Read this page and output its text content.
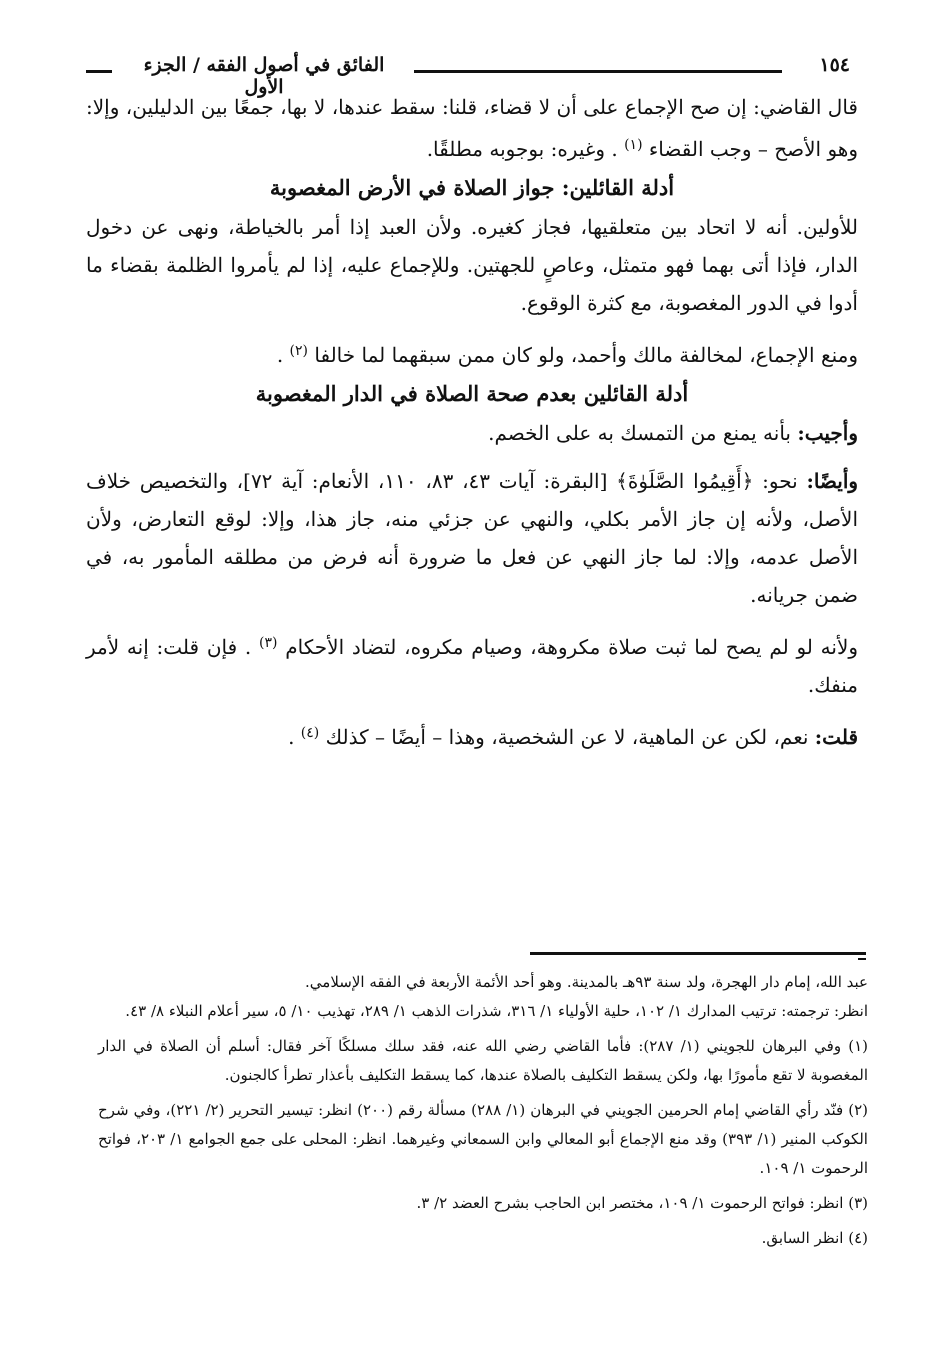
الفائق في أصول الفقه / الجزء الأول
١٥٤

قال القاضي: إن صح الإجماع على أن لا قضاء، قلنا: سقط عندها، لا بها، جمعًا بين الدليلين، وإلا: وهو الأصح – وجب القضاء $^{(١)}$ . وغيره: بوجوبه مطلقًا.

أدلة القائلين: جواز الصلاة في الأرض المغصوبة

للأولين. أنه لا اتحاد بين متعلقيها، فجاز كغيره. ولأن العبد إذا أمر بالخياطة، ونهى عن دخول الدار، فإذا أتى بهما فهو متمثل، وعاصٍ للجهتين. وللإجماع عليه، إذا لم يأمروا الظلمة بقضاء ما أدوا في الدور المغصوبة، مع كثرة الوقوع.

ومنع الإجماع، لمخالفة مالك وأحمد، ولو كان ممن سبقهما لما خالفا $^{(٢)}$ .

أدلة القائلين بعدم صحة الصلاة في الدار المغصوبة

وأجيب: بأنه يمنع من التمسك به على الخصم.

وأيضًا: نحو: ﴿أَقِيمُوا الصَّلَوٰةَ﴾ [البقرة: آيات ٤٣، ٨٣، ١١٠، الأنعام: آية ٧٢]، والتخصيص خلاف الأصل، ولأنه إن جاز الأمر بكلي، والنهي عن جزئي منه، جاز هذا، وإلا: لوقع التعارض، ولأن الأصل عدمه، وإلا: لما جاز النهي عن فعل ما ضرورة أنه فرض من مطلقه المأمور به، في ضمن جريانه.

ولأنه لو لم يصح لما ثبت صلاة مكروهة، وصيام مكروه، لتضاد الأحكام $^{(٣)}$ . فإن قلت: إنه لأمر منفك.

قلت: نعم، لكن عن الماهية، لا عن الشخصية، وهذا – أيضًا – كذلك $^{(٤)}$ .

عبد الله، إمام دار الهجرة، ولد سنة ٩٣هـ بالمدينة. وهو أحد الأئمة الأربعة في الفقه الإسلامي.

انظر: ترجمته: ترتيب المدارك ١/ ١٠٢، حلية الأولياء ١/ ٣١٦، شذرات الذهب ١/ ٢٨٩، تهذيب ١٠/ ٥، سير أعلام النبلاء ٨/ ٤٣.

(١) وفي البرهان للجويني (١/ ٢٨٧): فأما القاضي رضي الله عنه، فقد سلك مسلكًا آخر فقال: أسلم أن الصلاة في الدار المغصوبة لا تقع مأمورًا بها، ولكن يسقط التكليف بالصلاة عندها، كما يسقط التكليف بأعذار تطرأ كالجنون.

(٢) فنّد رأي القاضي إمام الحرمين الجويني في البرهان (١/ ٢٨٨) مسألة رقم (٢٠٠) انظر: تيسير التحرير (٢/ ٢٢١)، وفي شرح الكوكب المنير (١/ ٣٩٣) وقد منع الإجماع أبو المعالي وابن السمعاني وغيرهما. انظر: المحلى على جمع الجوامع ١/ ٢٠٣، فواتح الرحموت ١/ ١٠٩.

(٣) انظر: فواتح الرحموت ١/ ١٠٩، مختصر ابن الحاجب بشرح العضد ٢/ ٣.

(٤) انظر السابق.
